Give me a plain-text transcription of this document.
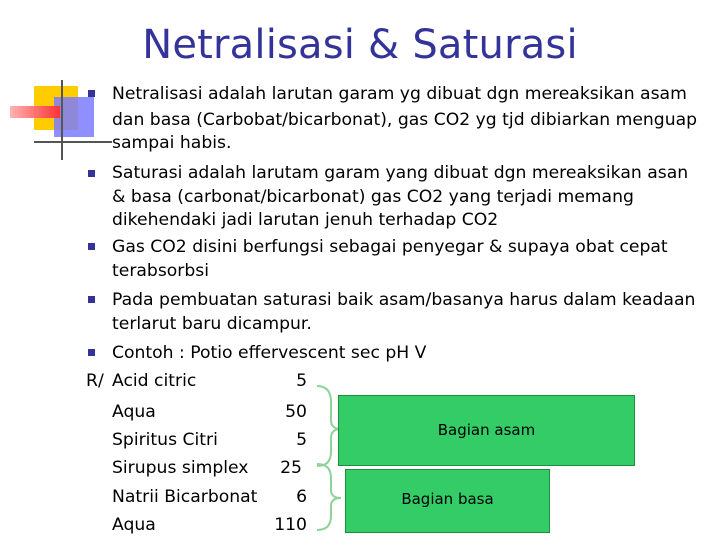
Netralisasi & Saturasi
Netralisasi adalah larutan garam yg dibuat dgn mereaksikan asam
dan basa (Carbobat/bicarbonat), gas CO2 yg tjd dibiarkan menguap
sampai habis.
Saturasi adalah larutam garam yang dibuat dgn mereaksikan asan
& basa (carbonat/bicarbonat) gas CO2 yang terjadi memang
dikehendaki jadi larutan jenuh terhadap CO2
Gas CO2 disini berfungsi sebagai penyegar & supaya obat cepat
terabsorbsi
Pada pembuatan saturasi baik asam/basanya harus dalam keadaan
terlarut baru dicampur.
Contoh : Potio effervescent sec pH V
R/ Acid citric	5
Aqua	50
Spiritus Citri	5
Sirupus simplex	25
Natrii Bicarbonat	6
Aqua	110
Bagian asam
Bagian basa
